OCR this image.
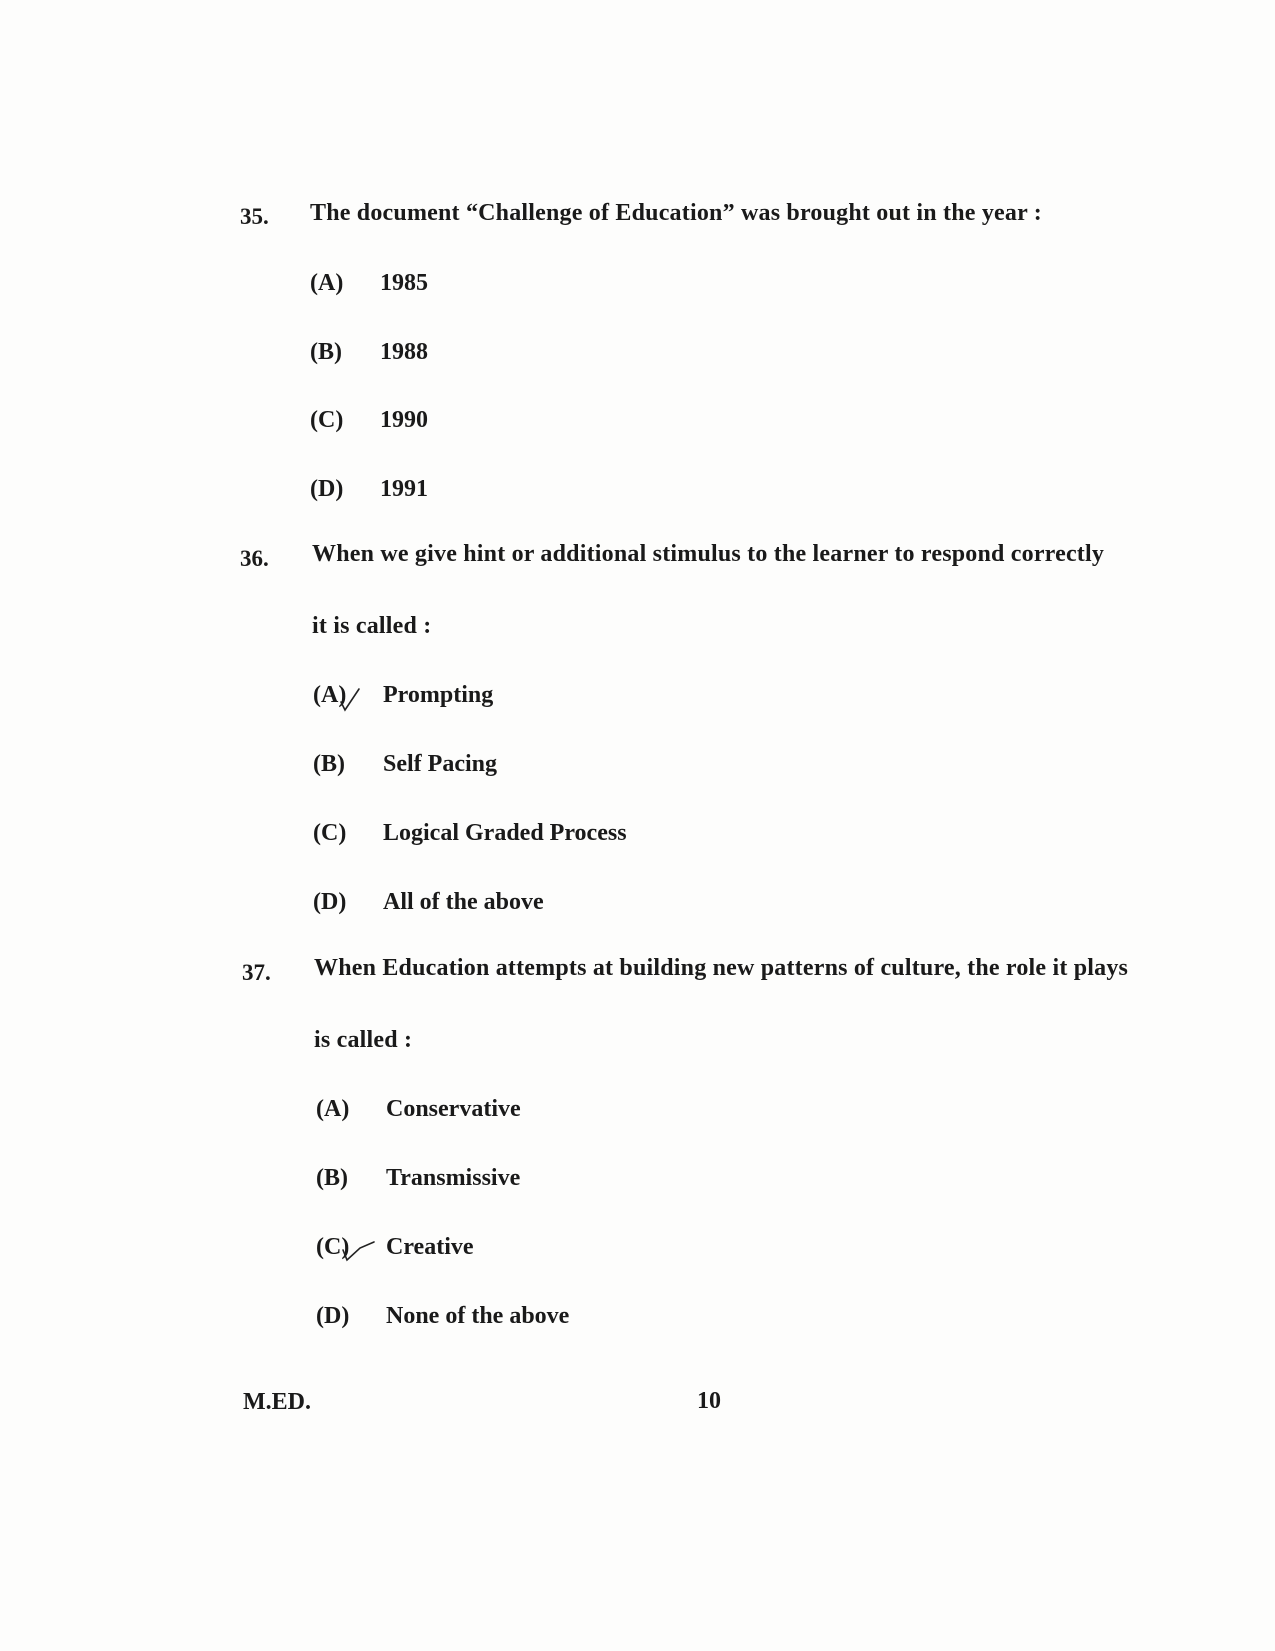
35. The document “Challenge of Education” was brought out in the year :
(A) 1985
(B) 1988
(C) 1990
(D) 1991
36. When we give hint or additional stimulus to the learner to respond correctly
it is called :
(A) Prompting
(B) Self Pacing
(C) Logical Graded Process
(D) All of the above
37. When Education attempts at building new patterns of culture, the role it plays
is called :
(A) Conservative
(B) Transmissive
(C) Creative
(D) None of the above
M.ED.	10
